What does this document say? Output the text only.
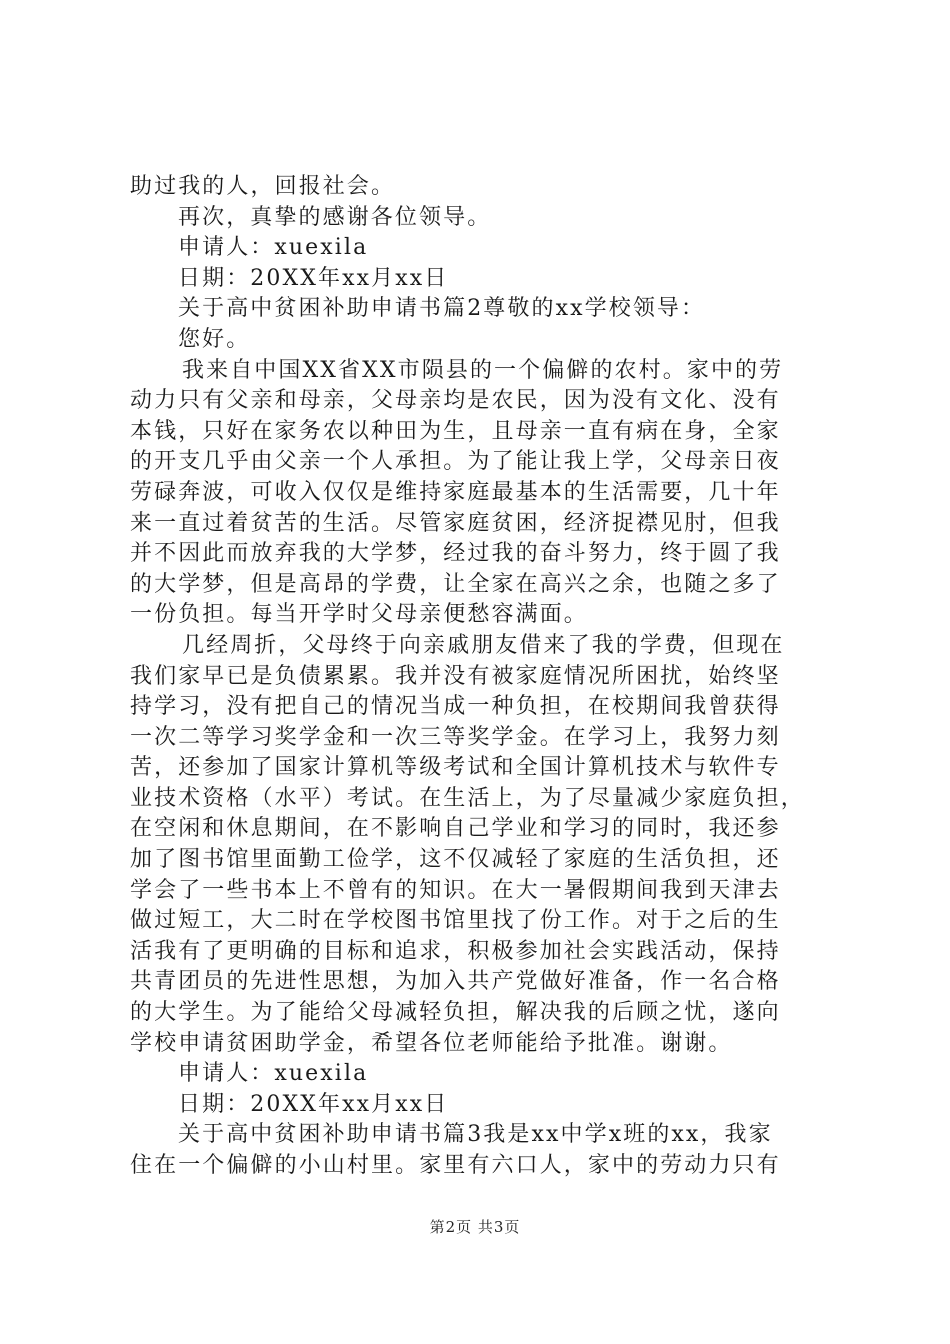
助过我的人，回报社会。
再次，真挚的感谢各位领导。
申请人：xuexila
日期：20XX年xx月xx日
关于高中贫困补助申请书篇2尊敬的xx学校领导：
您好。
我来自中国XX省XX市陨县的一个偏僻的农村。家中的劳
动力只有父亲和母亲，父母亲均是农民，因为没有文化、没有
本钱，只好在家务农以种田为生，且母亲一直有病在身，全家
的开支几乎由父亲一个人承担。为了能让我上学，父母亲日夜
劳碌奔波，可收入仅仅是维持家庭最基本的生活需要，几十年
来一直过着贫苦的生活。尽管家庭贫困，经济捉襟见肘，但我
并不因此而放弃我的大学梦，经过我的奋斗努力，终于圆了我
的大学梦，但是高昂的学费，让全家在高兴之余，也随之多了
一份负担。每当开学时父母亲便愁容满面。
几经周折，父母终于向亲戚朋友借来了我的学费，但现在
我们家早已是负债累累。我并没有被家庭情况所困扰，始终坚
持学习，没有把自己的情况当成一种负担，在校期间我曾获得
一次二等学习奖学金和一次三等奖学金。在学习上，我努力刻
苦，还参加了国家计算机等级考试和全国计算机技术与软件专
业技术资格（水平）考试。在生活上，为了尽量减少家庭负担，
在空闲和休息期间，在不影响自己学业和学习的同时，我还参
加了图书馆里面勤工俭学，这不仅减轻了家庭的生活负担，还
学会了一些书本上不曾有的知识。在大一暑假期间我到天津去
做过短工，大二时在学校图书馆里找了份工作。对于之后的生
活我有了更明确的目标和追求，积极参加社会实践活动，保持
共青团员的先进性思想，为加入共产党做好准备，作一名合格
的大学生。为了能给父母减轻负担，解决我的后顾之忧，遂向
学校申请贫困助学金，希望各位老师能给予批准。谢谢。
申请人：xuexila
日期：20XX年xx月xx日
关于高中贫困补助申请书篇3我是xx中学x班的xx，我家
住在一个偏僻的小山村里。家里有六口人，家中的劳动力只有
第2页 共3页
